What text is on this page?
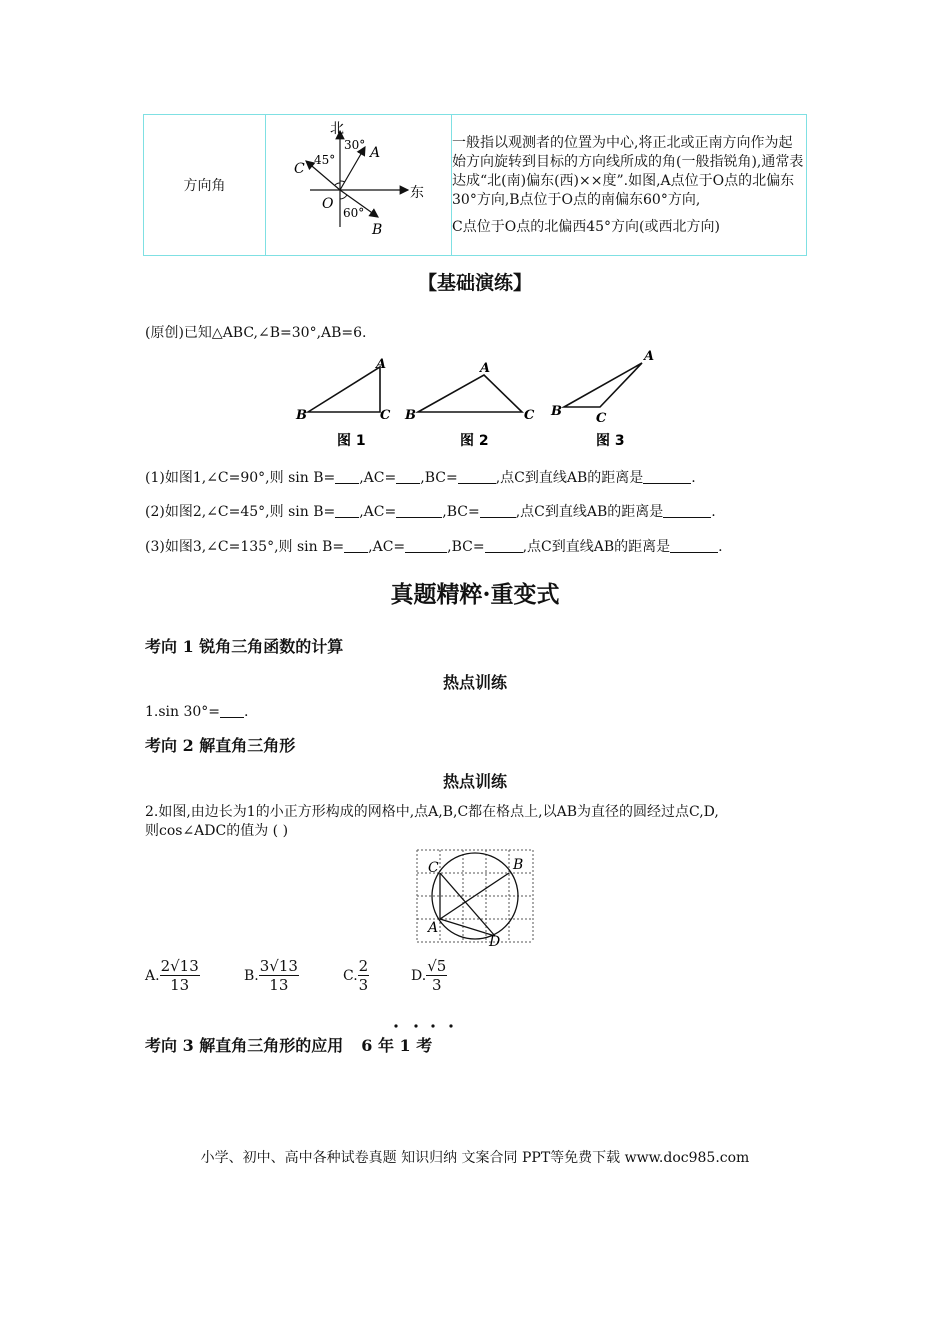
方向角	
北
东
30°
45°
60°
A
B
C
O

一般指以观测者的位置为中心,将正北或正南方向作为起始方向旋转到目标的方向线所成的角(一般指锐角),通常表达成“北(南)偏东(西)××度”.如图,A点位于O点的北偏东30°方向,B点位于O点的南偏东60°方向,

C点位于O点的北偏西45°方向(或西北方向)

【基础演练】
(原创)已知△ABC,∠B=30°,AB=6.
A
B	C
图 1
A
B	C
图 2
A
B	C
图 3
(1)如图1,∠C=90°,则 sin B= ,AC= ,BC=	,点C到直线AB的距离是	.
(2)如图2,∠C=45°,则 sin B= ,AC=	,BC=	,点C到直线AB的距离是	.
(3)如图3,∠C=135°,则 sin B= ,AC=	,BC=	,点C到直线AB的距离是	.
真题精粹·重变式
考向 1 锐角三角函数的计算
热点训练
1.sin 30°= .
考向 2 解直角三角形
热点训练
2.如图,由边长为1的小正方形构成的网格中,点A,B,C都在格点上,以AB为直径的圆经过点C,D,
则cos∠ADC的值为 ( )
C	B
A
D
A. $\frac{2√13}{13}$	B. $\frac{3√13}{13}$	C. $\frac{2}{3}$	D. $\frac{√5}{3}$
考向 3 解直角三角形的应用 6 年 1 考
小学、初中、高中各种试卷真题 知识归纳 文案合同 PPT等免费下载 www.doc985.com
